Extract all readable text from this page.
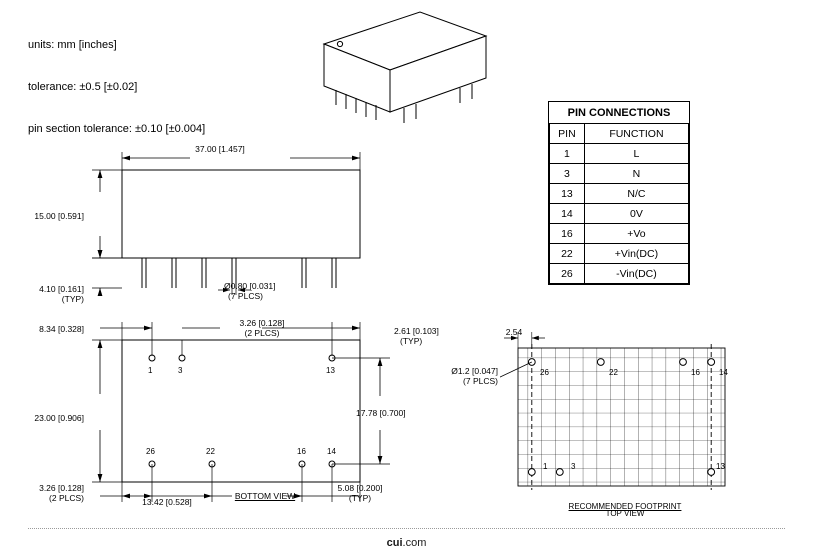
units: mm [inches]

tolerance: ±0.5 [±0.02]

pin section tolerance: ±0.10 [±0.004]

37.00 [1.457]
15.00 [0.591]
4.10 [0.161]
(TYP)
Ø0.80 [0.031]
(7 PLCS)
8.34 [0.328]
23.00 [0.906]
3.26 [0.128]
(2 PLCS)	2.61 [0.103]
(TYP)
17.78 [0.700]
3.26 [0.128]
(2 PLCS)	13.42 [0.528]
BOTTOM VIEW
5.08 [0.200]
(TYP)
1	3	13
26	22	16	14
PIN CONNECTIONS	
PIN	FUNCTION
1	L
3	N
13	N/C
14	0V
16	+Vo
22	+Vin(DC)
26	-Vin(DC)
2.54
Ø1.2 [0.047]
(7 PLCS)
26	22	16 14
1	3	13
RECOMMENDED FOOTPRINT
TOP VIEW
cui.com
